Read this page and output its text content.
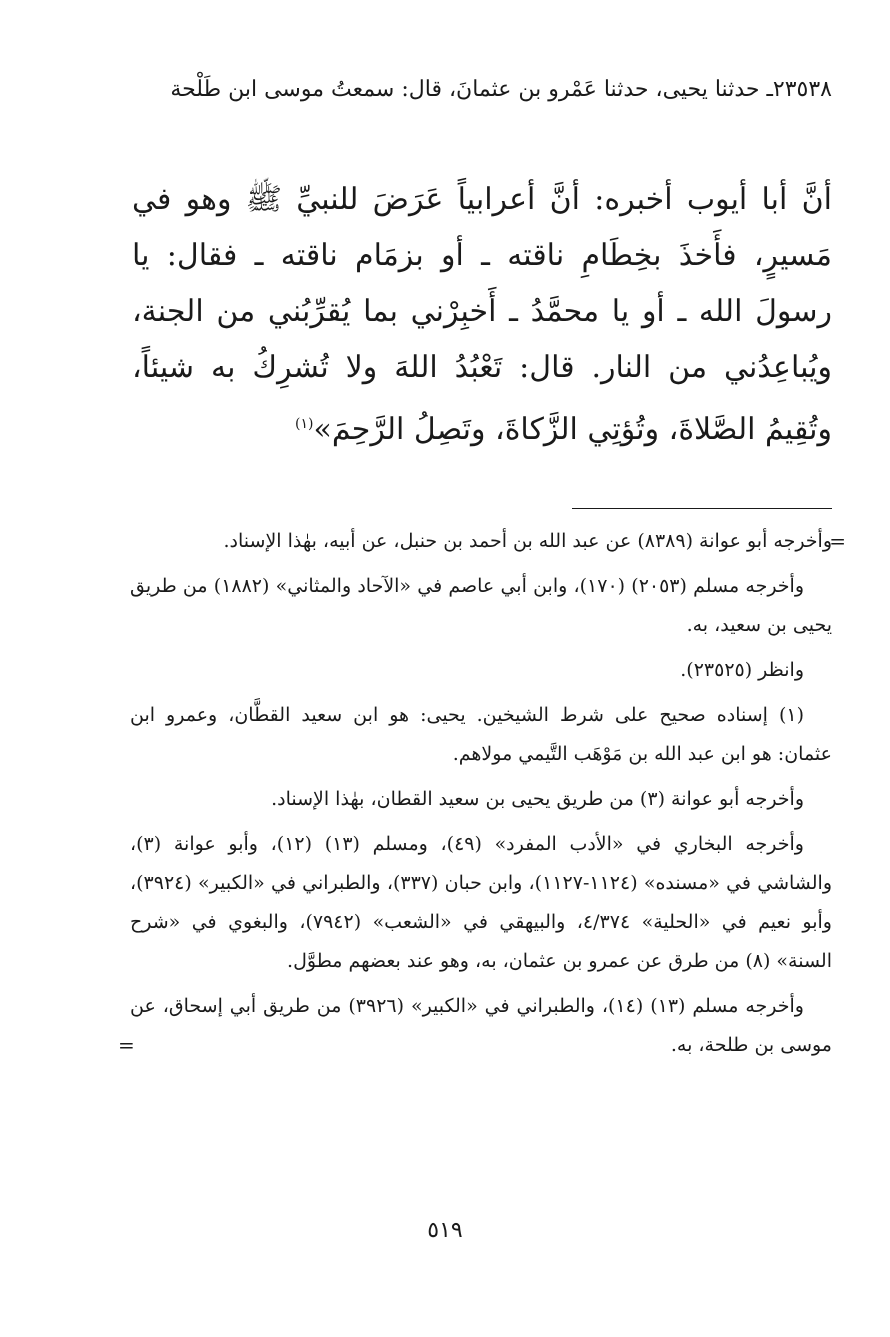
٢٣٥٣٨ـ حدثنا يحيى، حدثنا عَمْرو بن عثمانَ، قال: سمعتُ موسى ابن طَلْحة
أنَّ أبا أيوب أخبره: أنَّ أعرابياً عَرَضَ للنبيِّ ﷺ وهو في مَسيرٍ، فأَخذَ بخِطَامِ ناقته ـ أو بزمَام ناقته ـ فقال: يا رسولَ الله ـ أو يا محمَّدُ ـ أَخبِرْني بما يُقرِّبُني من الجنة، ويُباعِدُني من النار. قال: تَعْبُدُ اللهَ ولا تُشرِكُ به شيئاً، وتُقِيمُ الصَّلاةَ، وتُؤتِي الزَّكاةَ، وتَصِلُ الرَّحِمَ»$^{(١)}$
=

وأخرجه أبو عوانة (٨٣٨٩) عن عبد الله بن أحمد بن حنبل، عن أبيه، بهٰذا الإسناد.

وأخرجه مسلم (٢٠٥٣) (١٧٠)، وابن أبي عاصم في «الآحاد والمثاني» (١٨٨٢) من طريق يحيى بن سعيد، به.

وانظر (٢٣٥٢٥).

(١) إسناده صحيح على شرط الشيخين. يحيى: هو ابن سعيد القطَّان، وعمرو ابن عثمان: هو ابن عبد الله بن مَوْهَب التَّيمي مولاهم.

وأخرجه أبو عوانة (٣) من طريق يحيى بن سعيد القطان، بهٰذا الإسناد.

وأخرجه البخاري في «الأدب المفرد» (٤٩)، ومسلم (١٣) (١٢)، وأبو عوانة (٣)، والشاشي في «مسنده» (١١٢٤-١١٢٧)، وابن حبان (٣٣٧)، والطبراني في «الكبير» (٣٩٢٤)، وأبو نعيم في «الحلية» ٤/٣٧٤، والبيهقي في «الشعب» (٧٩٤٢)، والبغوي في «شرح السنة» (٨) من طرق عن عمرو بن عثمان، به، وهو عند بعضهم مطوَّل.

وأخرجه مسلم (١٣) (١٤)، والطبراني في «الكبير» (٣٩٢٦) من طريق أبي إسحاق، عن موسى بن طلحة، به.

=
٥١٩
